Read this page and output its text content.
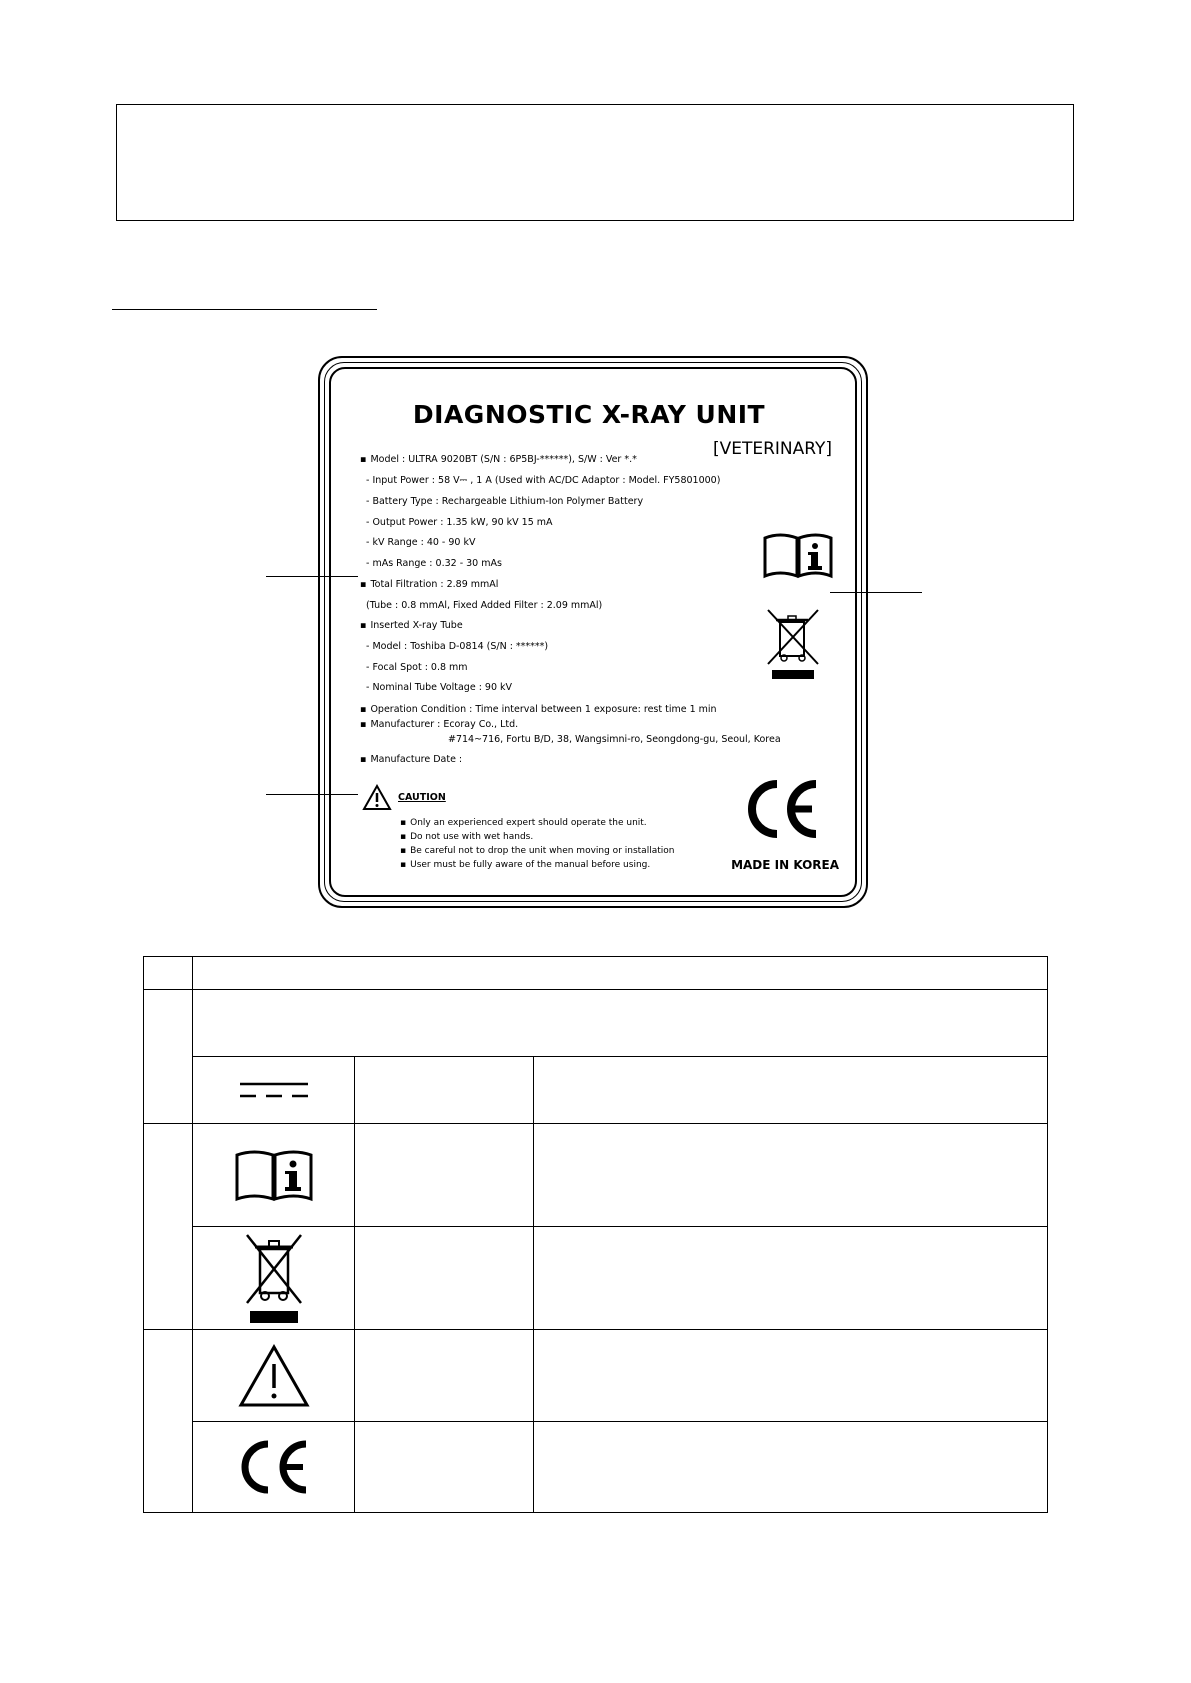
DIAGNOSTIC X-RAY UNIT
[VETERINARY]
▪ Model : ULTRA 9020BT (S/N : 6P5BJ-******), S/W : Ver *.*
- Input Power : 58 V⎓ , 1 A (Used with AC/DC Adaptor : Model. FY5801000)
- Battery Type : Rechargeable Lithium-Ion Polymer Battery
- Output Power : 1.35 kW, 90 kV 15 mA
- kV Range : 40 - 90 kV
- mAs Range : 0.32 - 30 mAs
▪ Total Filtration : 2.89 mmAl
(Tube : 0.8 mmAl, Fixed Added Filter : 2.09 mmAl)
▪ Inserted X-ray Tube
- Model : Toshiba D-0814 (S/N : ******)
- Focal Spot : 0.8 mm
- Nominal Tube Voltage : 90 kV
▪ Operation Condition : Time interval between 1 exposure: rest time 1 min
▪ Manufacturer : Ecoray Co., Ltd.
#714~716, Fortu B/D, 38, Wangsimni-ro, Seongdong-gu, Seoul, Korea
▪ Manufacture Date :
CAUTION
▪ Only an experienced expert should operate the unit.
▪ Do not use with wet hands.
▪ Be careful not to drop the unit when moving or installation
▪ User must be fully aware of the manual before using.	MADE IN KOREA
